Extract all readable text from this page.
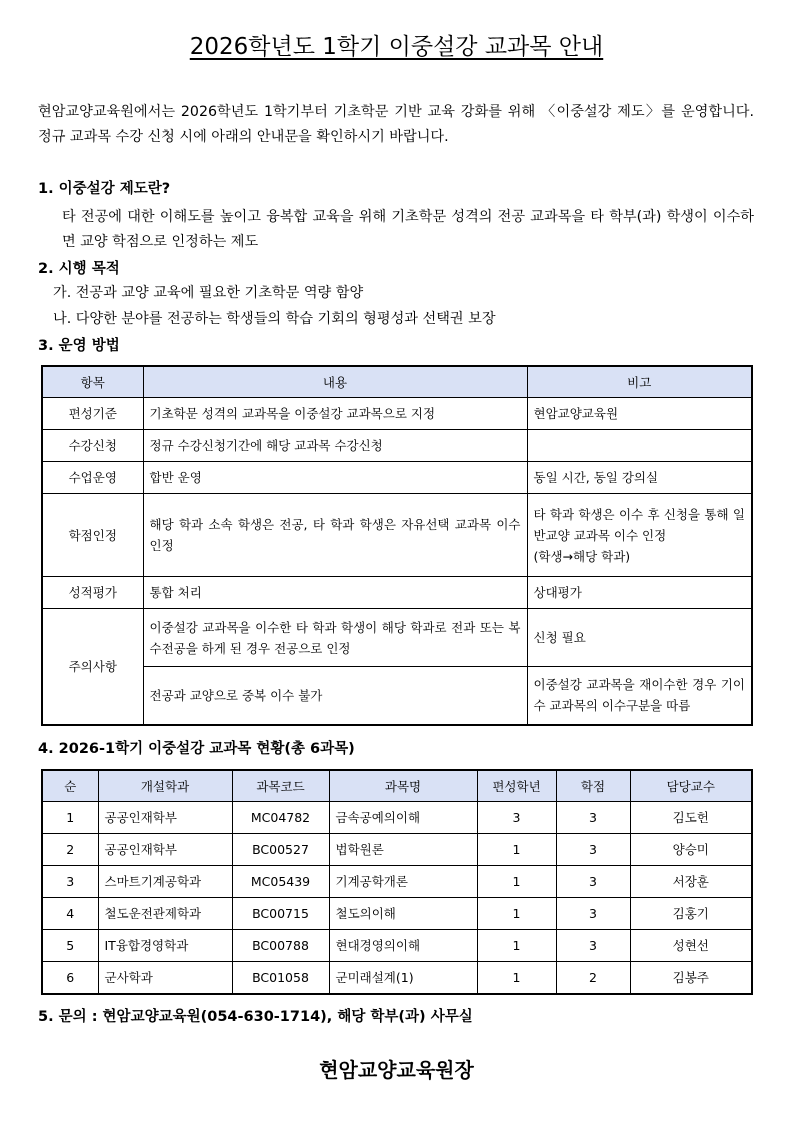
2026학년도 1학기 이중설강 교과목 안내
현암교양교육원에서는 2026학년도 1학기부터 기초학문 기반 교육 강화를 위해 〈이중설강 제도〉를 운영합니다. 정규 교과목 수강 신청 시에 아래의 안내문을 확인하시기 바랍니다.
1. 이중설강 제도란?
타 전공에 대한 이해도를 높이고 융복합 교육을 위해 기초학문 성격의 전공 교과목을 타 학부(과) 학생이 이수하면 교양 학점으로 인정하는 제도
2. 시행 목적
가. 전공과 교양 교육에 필요한 기초학문 역량 함양
나. 다양한 분야를 전공하는 학생들의 학습 기회의 형평성과 선택권 보장
3. 운영 방법
항목	내용	비고
편성기준	기초학문 성격의 교과목을 이중설강 교과목으로 지정	현암교양교육원
수강신청	정규 수강신청기간에 해당 교과목 수강신청	
수업운영	합반 운영	동일 시간, 동일 강의실
학점인정	해당 학과 소속 학생은 전공, 타 학과 학생은 자유선택 교과목 이수 인정	타 학과 학생은 이수 후 신청을 통해 일반교양 교과목 이수 인정
(학생→해당 학과)
성적평가	통합 처리	상대평가
주의사항	이중설강 교과목을 이수한 타 학과 학생이 해당 학과로 전과 또는 복수전공을 하게 된 경우 전공으로 인정	신청 필요
	전공과 교양으로 중복 이수 불가	이중설강 교과목을 재이수한 경우 기이수 교과목의 이수구분을 따름
4. 2026-1학기 이중설강 교과목 현황(총 6과목)
순	개설학과	과목코드	과목명	편성학년	학점	담당교수
1	공공인재학부	MC04782	금속공예의이해	3	3	김도헌
2	공공인재학부	BC00527	법학원론	1	3	양승미
3	스마트기계공학과	MC05439	기계공학개론	1	3	서장훈
4	철도운전관제학과	BC00715	철도의이해	1	3	김홍기
5	IT융합경영학과	BC00788	현대경영의이해	1	3	성현선
6	군사학과	BC01058	군미래설계(1)	1	2	김봉주
5. 문의 : 현암교양교육원(054-630-1714), 해당 학부(과) 사무실
현암교양교육원장
